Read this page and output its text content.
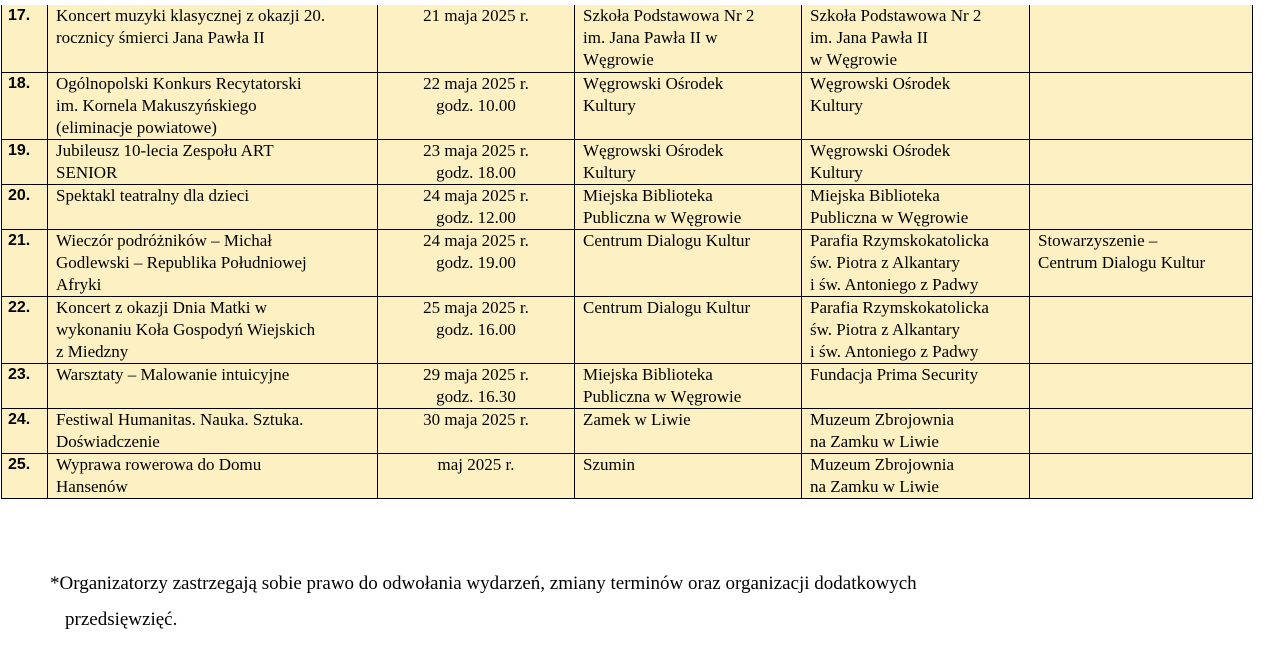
17.	Koncert muzyki klasycznej z okazji 20.
rocznicy śmierci Jana Pawła II	21 maja 2025 r.	Szkoła Podstawowa Nr 2
im. Jana Pawła II w
Węgrowie	Szkoła Podstawowa Nr 2
im. Jana Pawła II
w Węgrowie	

18.	Ogólnopolski Konkurs Recytatorski
im. Kornela Makuszyńskiego
(eliminacje powiatowe)	22 maja 2025 r.
godz. 10.00	Węgrowski Ośrodek
Kultury	Węgrowski Ośrodek
Kultury	

19.	Jubileusz 10-lecia Zespołu ART
SENIOR	23 maja 2025 r.
godz. 18.00	Węgrowski Ośrodek
Kultury	Węgrowski Ośrodek
Kultury	

20.	Spektakl teatralny dla dzieci	24 maja 2025 r.
godz. 12.00	Miejska Biblioteka
Publiczna w Węgrowie	Miejska Biblioteka
Publiczna w Węgrowie	

21.	Wieczór podróżników – Michał
Godlewski – Republika Południowej
Afryki	24 maja 2025 r.
godz. 19.00	Centrum Dialogu Kultur	Parafia Rzymskokatolicka
św. Piotra z Alkantary
i św. Antoniego z Padwy	Stowarzyszenie –
Centrum Dialogu Kultur

22.	Koncert z okazji Dnia Matki w
wykonaniu Koła Gospodyń Wiejskich
z Miedzny	25 maja 2025 r.
godz. 16.00	Centrum Dialogu Kultur	Parafia Rzymskokatolicka
św. Piotra z Alkantary
i św. Antoniego z Padwy	

23.	Warsztaty – Malowanie intuicyjne	29 maja 2025 r.
godz. 16.30	Miejska Biblioteka
Publiczna w Węgrowie	Fundacja Prima Security	

24.	Festiwal Humanitas. Nauka. Sztuka.
Doświadczenie	30 maja 2025 r.	Zamek w Liwie	Muzeum Zbrojownia
na Zamku w Liwie	

25.	Wyprawa rowerowa do Domu
Hansenów	maj 2025 r.	Szumin	Muzeum Zbrojownia
na Zamku w Liwie	

*Organizatorzy zastrzegają sobie prawo do odwołania wydarzeń, zmiany terminów oraz organizacji dodatkowych
przedsięwzięć.
